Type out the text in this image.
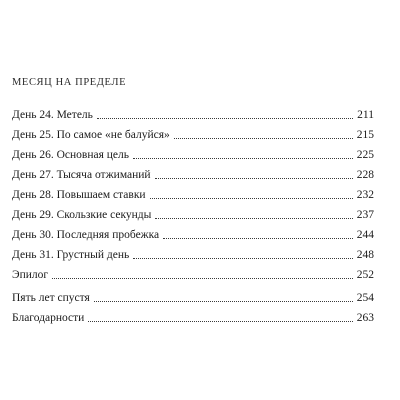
МЕСЯЦ НА ПРЕДЕЛЕ
День 24. Метель	211
День 25. По самое «не балуйся»	215
День 26. Основная цель	225
День 27. Тысяча отжиманий	228
День 28. Повышаем ставки	232
День 29. Скользкие секунды	237
День 30. Последняя пробежка	244
День 31. Грустный день	248
Эпилог	252
Пять лет спустя	254
Благодарности	263
